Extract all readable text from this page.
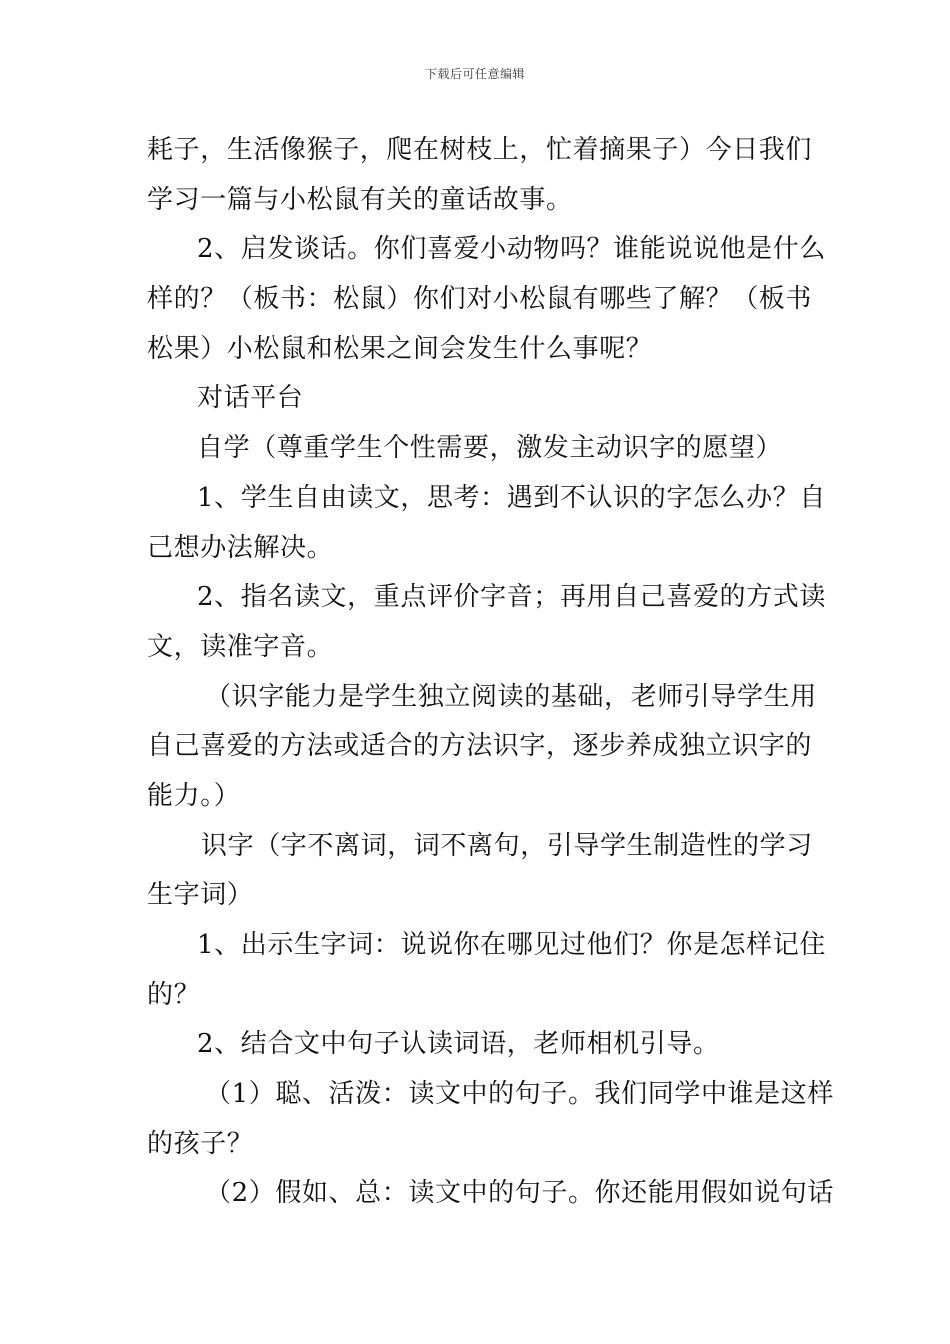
下载后可任意编辑
耗子，生活像猴子，爬在树枝上，忙着摘果子）今日我们
学习一篇与小松鼠有关的童话故事。
2、启发谈话。你们喜爱小动物吗？谁能说说他是什么
样的？（板书：松鼠）你们对小松鼠有哪些了解？（板书
松果）小松鼠和松果之间会发生什么事呢？
对话平台
自学（尊重学生个性需要，激发主动识字的愿望）
1、学生自由读文，思考：遇到不认识的字怎么办？自
己想办法解决。
2、指名读文，重点评价字音；再用自己喜爱的方式读
文，读准字音。
（识字能力是学生独立阅读的基础，老师引导学生用
自己喜爱的方法或适合的方法识字，逐步养成独立识字的
能力。）
识字（字不离词，词不离句，引导学生制造性的学习
生字词）
1、出示生字词：说说你在哪见过他们？你是怎样记住
的？
2、结合文中句子认读词语，老师相机引导。
（1）聪、活泼：读文中的句子。我们同学中谁是这样
的孩子？
（2）假如、总：读文中的句子。你还能用假如说句话
